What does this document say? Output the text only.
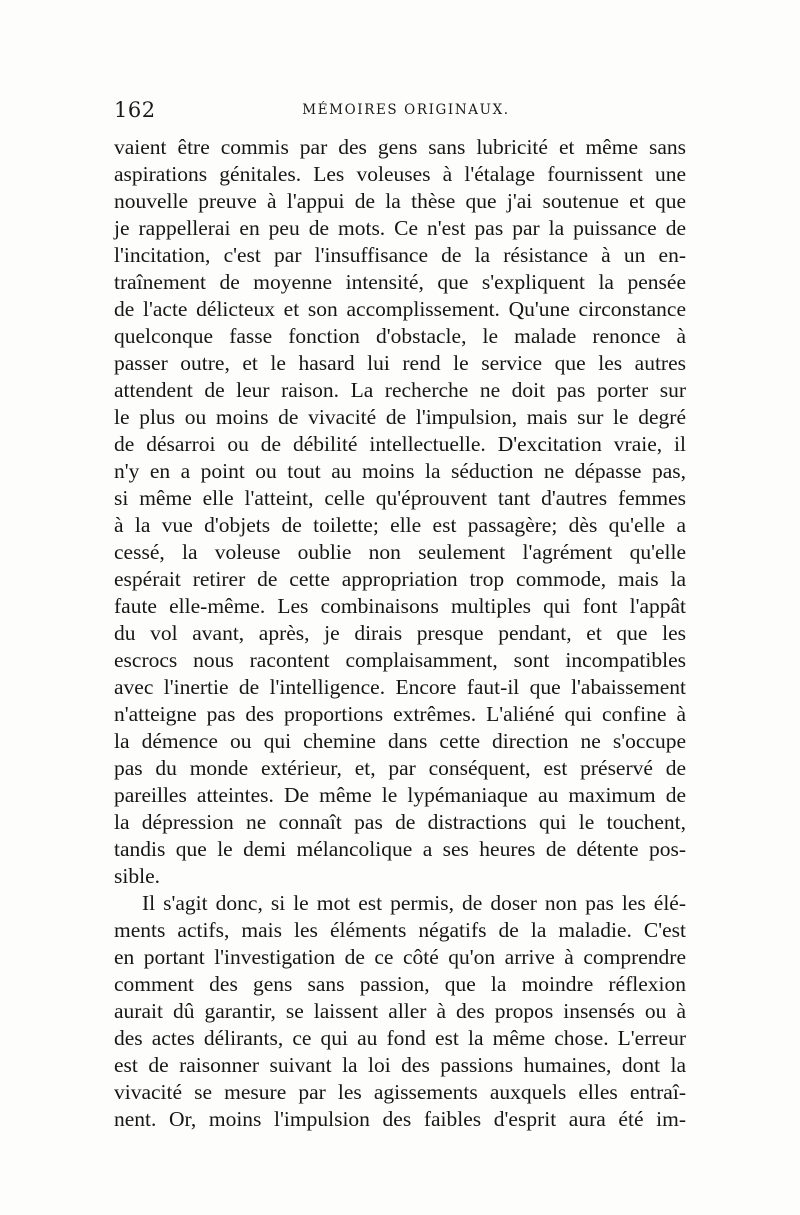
162	MÉMOIRES ORIGINAUX.
vaient être commis par des gens sans lubricité et même sans
aspirations génitales. Les voleuses à l'étalage fournissent une
nouvelle preuve à l'appui de la thèse que j'ai soutenue et que
je rappellerai en peu de mots. Ce n'est pas par la puissance de
l'incitation, c'est par l'insuffisance de la résistance à un en-
traînement de moyenne intensité, que s'expliquent la pensée
de l'acte délicteux et son accomplissement. Qu'une circonstance
quelconque fasse fonction d'obstacle, le malade renonce à
passer outre, et le hasard lui rend le service que les autres
attendent de leur raison. La recherche ne doit pas porter sur
le plus ou moins de vivacité de l'impulsion, mais sur le degré
de désarroi ou de débilité intellectuelle. D'excitation vraie, il
n'y en a point ou tout au moins la séduction ne dépasse pas,
si même elle l'atteint, celle qu'éprouvent tant d'autres femmes
à la vue d'objets de toilette; elle est passagère; dès qu'elle a
cessé, la voleuse oublie non seulement l'agrément qu'elle
espérait retirer de cette appropriation trop commode, mais la
faute elle-même. Les combinaisons multiples qui font l'appât
du vol avant, après, je dirais presque pendant, et que les
escrocs nous racontent complaisamment, sont incompatibles
avec l'inertie de l'intelligence. Encore faut-il que l'abaissement
n'atteigne pas des proportions extrêmes. L'aliéné qui confine à
la démence ou qui chemine dans cette direction ne s'occupe
pas du monde extérieur, et, par conséquent, est préservé de
pareilles atteintes. De même le lypémaniaque au maximum de
la dépression ne connaît pas de distractions qui le touchent,
tandis que le demi mélancolique a ses heures de détente pos-
sible.
Il s'agit donc, si le mot est permis, de doser non pas les élé-
ments actifs, mais les éléments négatifs de la maladie. C'est
en portant l'investigation de ce côté qu'on arrive à comprendre
comment des gens sans passion, que la moindre réflexion
aurait dû garantir, se laissent aller à des propos insensés ou à
des actes délirants, ce qui au fond est la même chose. L'erreur
est de raisonner suivant la loi des passions humaines, dont la
vivacité se mesure par les agissements auxquels elles entraî-
nent. Or, moins l'impulsion des faibles d'esprit aura été im-
